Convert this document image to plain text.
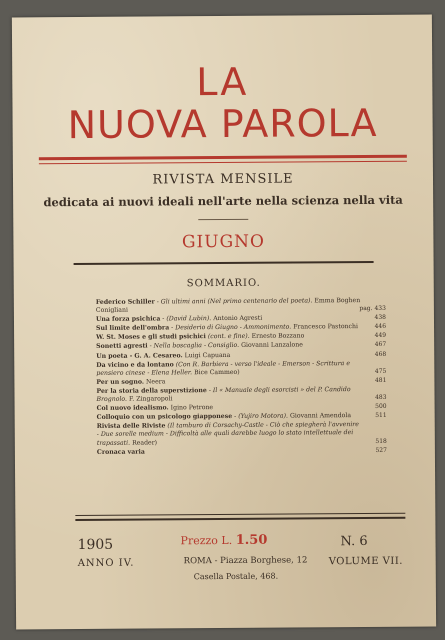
LA
NUOVA PAROLA
RIVISTA MENSILE
dedicata ai nuovi ideali nell'arte nella scienza nella vita
GIUGNO
SOMMARIO.
Federico Schiller - Gli ultimi anni (Nel primo centenario del poeta). Emma Boghen Conigliani	pag. 433
Una forza psichica - (David Lubin). Antonio Agresti	438
Sul limite dell'ombra - Desiderio di Giugno - Ammonimento. Francesco Pastonchi	446
W. St. Moses e gli studi psichici (cont. e fine). Ernesto Bozzano	449
Sonetti agresti - Nella boscaglia - Consiglio. Giovanni Lanzalone	467
Un poeta - G. A. Cesareo. Luigi Capuana	468
Da vicino e da lontano (Con R. Barbiera - verso l'ideale - Emerson - Scrittura e pensiero cinese - Elena Heller. Bice Cammeo)	475
Per un sogno. Neera	481
Per la storia della superstizione - Il « Manuale degli esorcisti » del P. Candido Brognolo. F. Zingaropoli	483
Col nuovo idealismo. Igino Petrone	500
Colloquio con un psicologo giapponese - (Yujiro Motora). Giovanni Amendola	511
Rivista delle Riviste (Il tamburo di Corsachy-Castle - Ciò che spiegherà l'avvenire - Due sorelle medium - Difficoltà alle quali darebbe luogo lo stato intellettuale dei trapassati. Reader)	518
Cronaca varia	527
1905
ANNO IV.
Prezzo L. 1.50
ROMA - Piazza Borghese, 12
Casella Postale, 468.
N. 6
VOLUME VII.
